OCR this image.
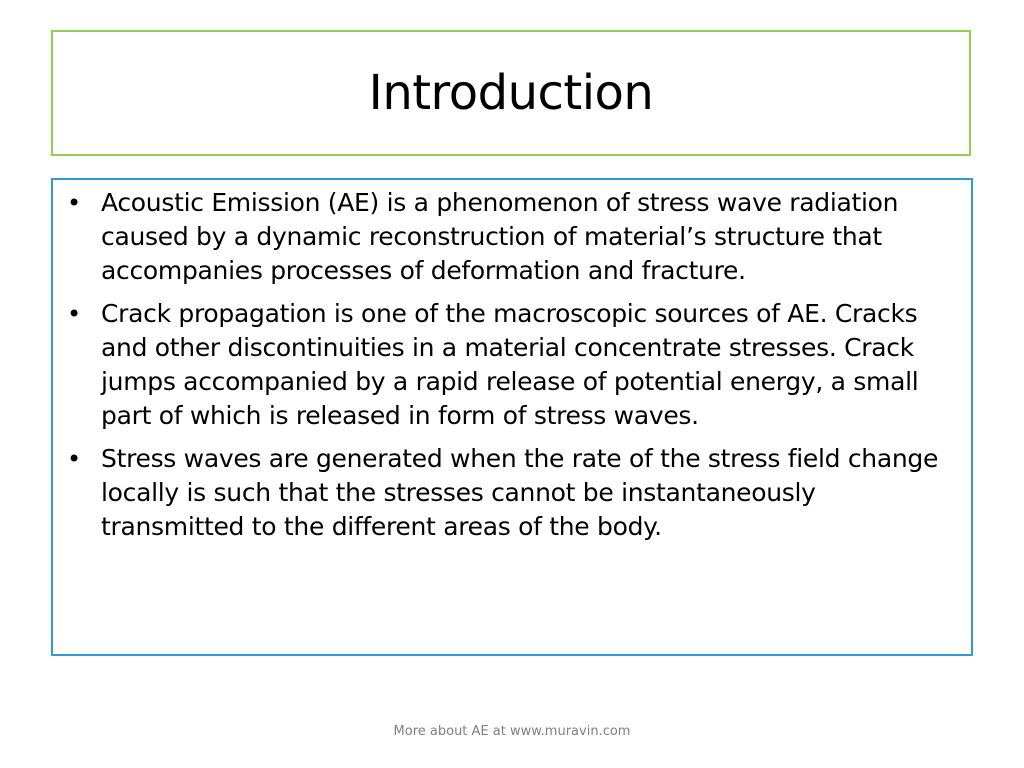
Introduction
• Acoustic Emission (AE) is a phenomenon of stress wave radiation caused by a dynamic reconstruction of material’s structure that accompanies processes of deformation and fracture.
• Crack propagation is one of the macroscopic sources of AE. Cracks and other discontinuities in a material concentrate stresses. Crack jumps accompanied by a rapid release of potential energy, a small part of which is released in form of stress waves.
• Stress waves are generated when the rate of the stress field change locally is such that the stresses cannot be instantaneously transmitted to the different areas of the body.
More about AE at www.muravin.com
